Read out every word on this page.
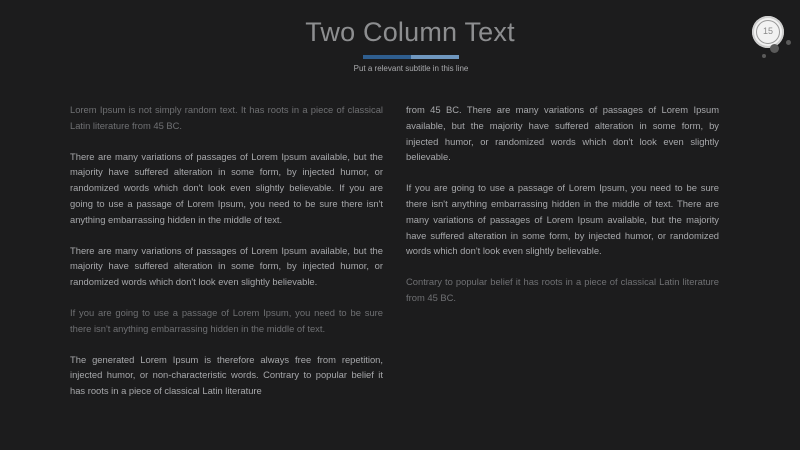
Two Column Text
Put a relevant subtitle in this line
15

Lorem Ipsum is not simply random text. It has roots in a piece of classical Latin literature from 45 BC.

There are many variations of passages of Lorem Ipsum available, but the majority have suffered alteration in some form, by injected humor, or randomized words which don't look even slightly believable. If you are going to use a passage of Lorem Ipsum, you need to be sure there isn't anything embarrassing hidden in the middle of text.

There are many variations of passages of Lorem Ipsum available, but the majority have suffered alteration in some form, by injected humor, or randomized words which don't look even slightly believable.

If you are going to use a passage of Lorem Ipsum, you need to be sure there isn't anything embarrassing hidden in the middle of text.

The generated Lorem Ipsum is therefore always free from repetition, injected humor, or non-characteristic words. Contrary to popular belief it has roots in a piece of classical Latin literature

from 45 BC. There are many variations of passages of Lorem Ipsum available, but the majority have suffered alteration in some form, by injected humor, or randomized words which don't look even slightly believable.

If you are going to use a passage of Lorem Ipsum, you need to be sure there isn't anything embarrassing hidden in the middle of text. There are many variations of passages of Lorem Ipsum available, but the majority have suffered alteration in some form, by injected humor, or randomized words which don't look even slightly believable.

Contrary to popular belief it has roots in a piece of classical Latin literature from 45 BC.
